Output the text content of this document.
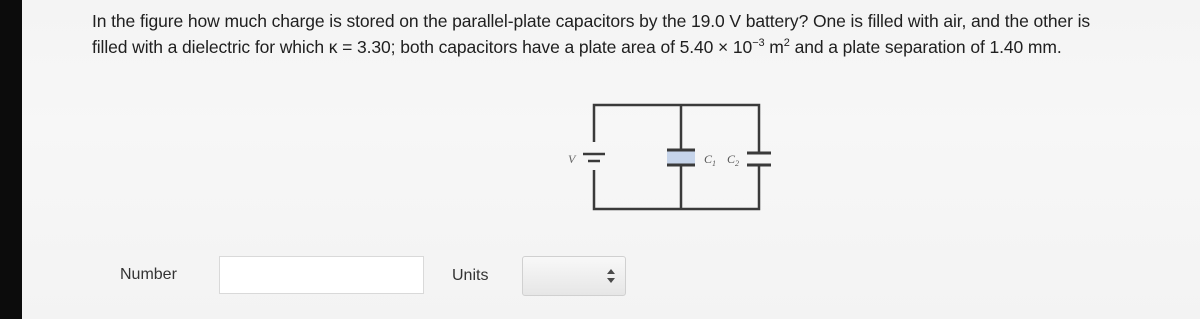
In the figure how much charge is stored on the parallel-plate capacitors by the 19.0 V battery? One is filled with air, and the other is
filled with a dielectric for which κ = 3.30; both capacitors have a plate area of $5.40 \times 10^{-3}$ $m^2$ and a plate separation of 1.40 mm.
V	$C_1$ $C_2$
Number	Units
